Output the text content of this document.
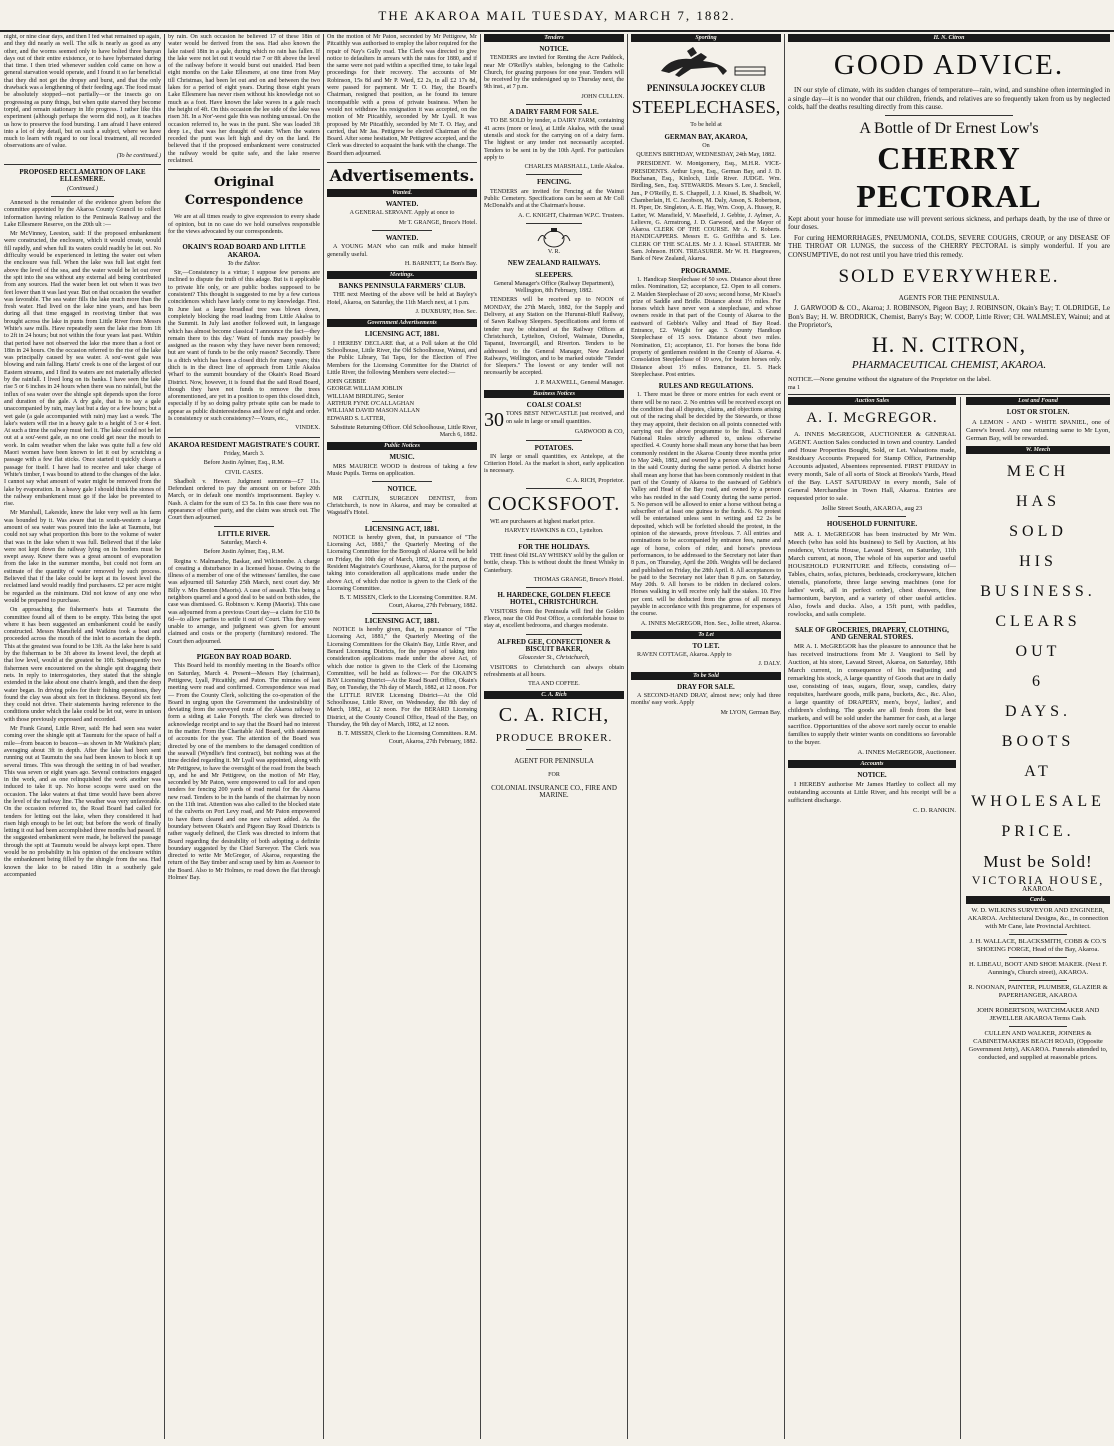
THE AKAROA MAIL TUESDAY, MARCH 7, 1882.

night, or nine clear days, and then I fed what remained up again, and they did nearly as well. The silk is nearly as good as any other, and the worms seemed only to have bolted three banyan days out of their entire existence, or to have hybernated during that time. I then tried whenever sudden cold came on how a general starvation would operate, and I found it so far beneficial that they did not get the dropsy and burst, and that the only drawback was a lengthening of their feeding age. The food must be absolutely stopped—not partially—or the insects go on progressing as puny things, but when quite starved they become torpid, and remain stationary in life progress. I rather like this experiment (although perhaps the worm did not), as it teaches us how to preserve the food bursting. I am afraid I have entered into a lot of dry detail, but on such a subject, where we have much to learn with regard to our local treatment, all recorded observations are of value.

(To be continued.)

PROPOSED RECLAMATION OF LAKE ELLESMERE.

(Continued.)

Annexed is the remainder of the evidence given before the committee appointed by the Akaroa County Council to collect information having relation to the Peninsula Railway and the Lake Ellesmere Reserve, on the 20th ult :—

Mr McVinney, Leeston, said: If the proposed embankment were constructed, the enclosure, which it would create, would fill rapidly, and when full its waters could readily be let out. No difficulty would be experienced in letting the water out when the enclosure was full. When the lake was full last eight feet above the level of the sea, and the water would be let out over the spit into the sea without any external aid being contributed from any sources. Had the water been let out when it was two feet lower than it was last year. But on that occasion the weather was favorable. The sea water fills the lake much more than the fresh water. Had lived on the lake nine years, and has been during all that time engaged in receiving timber that was brought across the lake in punts from Little River from Messrs White's saw mills. Have repeatedly seen the lake rise from 1ft to 2ft in 24 hours; but not within the four years last past. Within that period have not observed the lake rise more than a foot or 18in in 24 hours. On the occasion referred to the rise of the lake was principally caused by sea water. A sou'-west gale was blowing and rain falling. Harts' creek is one of the largest of our Eastern streams, and I find its waters are not materially affected by the rainfall. I lived long on its banks. I have seen the lake rise 5 or 6 inches in 24 hours when there was no rainfall, but the influx of sea water over the shingle spit depends upon the force and duration of the gale. A dry gale, that is to say a gale unaccompanied by rain, may last but a day or a few hours; but a wet gale (a gale accompanied with rain) may last a week. The lake's waters will rise in a heavy gale to a height of 3 or 4 feet. At such a time the railway must feel it. The lake could not be let out at a sou'-west gale, as no one could get near the mouth to work. In calm weather when the lake was quite full a few old Maori women have been known to let it out by scratching a passage with a few flat sticks. Once started it quickly clears a passage for itself. I have had to receive and take charge of White's timber, I was bound to attend to the changes of the lake. I cannot say what amount of water might be removed from the lake by evaporation. In a heavy gale I should think the stones of the railway embankment must go if the lake be prevented to rise.

Mr Marshall, Lakeside, knew the lake very well as his farm was bounded by it. Was aware that in south-western a large amount of sea water was poured into the lake at Taumutu, but could not say what proportion this bore to the volume of water that was in the lake when it was full. Believed that if the lake were not kept down the railway lying on its borders must be swept away. Knew there was a great amount of evaporation from the lake in the summer months, but could not form an estimate of the quantity of water removed by such process. Believed that if the lake could be kept at its lowest level the reclaimed land would readily find purchasers. £2 per acre might be regarded as the minimum. Did not know of any one who would be prepared to purchase.

On approaching the fishermen's huts at Taumutu the committee found all of them to be empty. This being the spot where it has been suggested an embankment could be easily constructed. Messrs Mansfield and Watkins took a boat and proceeded across the mouth of the inlet to ascertain the depth. This at the greatest was found to be 13ft. As the lake here is said by the fisherman to be 3ft above its lowest level, the depth at that low level, would at the greatest be 10ft. Subsequently two fishermen were encountered on the shingle spit dragging their nets. In reply to interrogatories, they stated that the shingle extended in the lake about one chain's length, and then the deep water began. In driving poles for their fishing operations, they found the clay was about six feet in thickness. Beyond six feet they could not drive. Their statements having reference to the conditions under which the lake could be let out, were in unison with those previously expressed and recorded.

Mr Frank Grand, Little River, said: He had seen sea water coming over the shingle spit at Taumutu for the space of half a mile—from beacon to beacon—as shown in Mr Watkins's plan; averaging about 3ft in depth. After the lake had been sent running out at Taumutu the sea had been known to block it up several times. This was through the setting in of bad weather. This was seven or eight years ago. Several contractors engaged in the work, and as one relinquished the work another was induced to take it up. No horse scoops were used on the occasion. The lake waters at that time would have been above the level of the railway line. The weather was very unfavorable. On the occasion referred to, the Road Board had called for tenders for letting out the lake, when they considered it had risen high enough to be let out; but before the work of finally letting it out had been accomplished three months had passed. If the suggested embankment were made, he believed the passage through the spit at Taumutu would be always kept open. There would be no probability in his opinion of the enclosure within the embankment being filled by the shingle from the sea. Had known the lake to be raised 18in in a southerly gale accompanied

by rain. On such occasion he believed 17 of these 18in of water would be derived from the sea. Had also known the lake raised 18in in a gale, during which no rain has fallen. If the lake were not let out it would rise 7 or 8ft above the level of the railway before it would burst out unaided. Had been eight months on the Lake Ellesmere, at one time from May till Christmas, had been let out and on and between the two lakes for a period of eight years. During those eight years Lake Ellesmere has never risen without his knowledge not so much as a foot. Have known the lake waves in a gale reach the height of 4ft. On this occasion the lee side of the lake was risen 3ft. In a Nor'-west gale this was nothing unusual. On the occasion referred to, he was in the punt. She was loaded 3ft deep i.e., that was her draught of water. When the waters receded the punt was left high and dry on the land. He believed that if the proposed embankment were constructed the railway would be quite safe, and the lake reserve reclaimed.

Original Correspondence

We are at all times ready to give expression to every shade of opinion, but in no case do we hold ourselves responsible for the views advocated by our correspondents.

OKAIN'S ROAD BOARD AND LITTLE AKAROA.

To the Editor.

Sir,—Consistency is a virtue; I suppose few persons are inclined to dispute the truth of this adage. But is it applicable to private life only, or are public bodies supposed to be consistent? This thought is suggested to me by a few curious coincidences which have lately come to my knowledge. First. In June last a large broadleaf tree was blown down, completely blocking the road leading from Little Akaloa to the Summit. In July last another followed suit, in language which has almost become classical 'I announce the fact—they remain there to this day.' Want of funds may possibly be assigned as the reason why they have never been removed; but are want of funds to be the only reason? Secondly. There is a ditch which has been a closed ditch for many years; this ditch is in the direct line of approach from Little Akaloa Wharf to the summit boundary of the Okain's Road Board District. Now, however, it is found that the said Road Board, though they have not funds to remove the trees aforementioned, are yet in a position to open this closed ditch, especially if by so doing paltry private spite can be made to appear as public disinterestedness and love of right and order. Is consistency or such consistency?—Yours, etc.,

VINDEX.

AKAROA RESIDENT MAGISTRATE'S COURT.

Friday, March 3.

Before Justin Aylmer, Esq., R.M.

CIVIL CASES.

Shadbolt v. Hewer. Judgment summons—£7 11s. Defendant ordered to pay the amount on or before 20th March, or in default one month's imprisonment. Bayley v. Nash. A claim for the sum of £3 5s. In this case there was no appearance of either party, and the claim was struck out. The Court then adjourned.

LITTLE RIVER.

Saturday, March 4.

Before Justin Aylmer, Esq., R.M.

Regina v. Malmanche, Baskar, and Wilcinombe. A charge of creating a disturbance in a licensed house. Owing to the illness of a member of one of the witnesses' families, the case was adjourned till Saturday 25th March, next court day. Mr Billy v. Mrs Benton (Maoris). A case of assault. This being a neighbors quarrel and a good deal to be said on both sides, the case was dismissed. G. Robinson v. Kemp (Maoris). This case was adjourned from a previous Court day—a claim for £10 8s 6d—to allow parties to settle it out of Court. This they were unable to arrange, and judgment was given for amount claimed and costs or the property (furniture) restored. The Court then adjourned.

PIGEON BAY ROAD BOARD.

This Board held its monthly meeting in the Board's office on Saturday, March 4. Present—Messrs Hay (chairman), Pettigrew, Lyall, Pitcaithly, and Paton. The minutes of last meeting were read and confirmed. Correspondence was read— From the County Clerk, soliciting the co-operation of the Board in urging upon the Government the undesirability of deviating from the surveyed route of the Akaroa railway to form a siding at Lake Forsyth. The clerk was directed to acknowledge receipt and to say that the Board had no interest in the matter. From the Charitable Aid Board, with statement of accounts for the year. The attention of the Board was directed by one of the members to the damaged condition of the seawall (Wyndlie's first contract), but nothing was at the time decided regarding it. Mr Lyall was appointed, along with Mr Pettigrew, to have the oversight of the road from the beach up, and he and Mr Pettigrew, on the motion of Mr Hay, seconded by Mr Paton, were empowered to call for and open tenders for fencing 200 yards of road metal for the Akaroa new road. Tenders to be in the hands of the chairman by noon on the 11th inst. Attention was also called to the blocked state of the culverts on Port Levy road, and Mr Paton empowered to have them cleared and one new culvert added. As the boundary between Okain's and Pigeon Bay Road Districts is rather vaguely defined, the Clerk was directed to inform that Board regarding the desirability of both adopting a definite boundary suggested by the Chief Surveyor. The Clerk was directed to write Mr McGregor, of Akaroa, requesting the return of the Bay timber and scrap used by him as Assessor to the Board. Also to Mr Holmes, re road down the flat through Holmes' Bay.

On the motion of Mr Paton, seconded by Mr Pettigrew, Mr Pitcaithly was authorised to employ the labor required for the repair of Nay's Gully road. The Clerk was directed to give notice to defaulters in arrears with the rates for 1880, and if the same were not paid within a specified time, to take legal proceedings for their recovery. The accounts of Mr Robinson, 15s 8d and Mr P. Ward, £2 2s, in all £2 17s 8d, were passed for payment. Mr T. O. Hay, the Board's Chairman, resigned that position, as he found its tenure incompatible with a press of private business. When he would not withdraw his resignation it was accepted, on the motion of Mr Pitcaithly, seconded by Mr Lyall. It was proposed by Mr Pitcaithly, seconded by Mr T. O. Hay, and carried, that Mr Jas. Pettigrew be elected Chairman of the Board. After some hesitation, Mr Pettigrew accepted, and the Clerk was directed to acquaint the bank with the change. The Board then adjourned.

Advertisements.

Wanted.

WANTED.

A GENERAL SERVANT. Apply at once to

Mr T. GRANGE, Bruce's Hotel.

WANTED.

A YOUNG MAN who can milk and make himself generally useful.

H. BARNETT, Le Bon's Bay.

Meetings.

BANKS PENINSULA FARMERS' CLUB.

THE next Meeting of the above will be held at Bayley's Hotel, Akaroa, on Saturday, the 11th March next, at 1 p.m.

J. DUXBURY, Hon. Sec.

Government Advertisements

LICENSING ACT, 1881.

I HEREBY DECLARE that, at a Poll taken at the Old Schoolhouse, Little River, the Old Schoolhouse, Wainui, and the Public Library, Tai Tapu, for the Election of Five Members for the Licensing Committee for the District of Little River, the following Members were elected:—

JOHN GEBBIE
GEORGE WILLIAM JOBLIN
WILLIAM BIRDLING, Senior
ARTHUR FYNE O'CALLAGHAN
WILLIAM DAVID MASON ALLAN
EDWARD S. LATTER,

Substitute Returning Officer. Old Schoolhouse, Little River, March 6, 1882.

Public Notices

MUSIC.

MRS MAURICE WOOD is desirous of taking a few Music Pupils. Terms on application.

NOTICE.

MR CATTLIN, SURGEON DENTIST, from Christchurch, is now in Akaroa, and may be consulted at Wagstaff's Hotel.

LICENSING ACT, 1881.

NOTICE is hereby given, that, in pursuance of "The Licensing Act, 1881," the Quarterly Meeting of the Licensing Committee for the Borough of Akaroa will be held on Friday, the 10th day of March, 1882, at 12 noon, at the Resident Magistrate's Courthouse, Akaroa, for the purpose of taking into consideration all applications made under the above Act, of which due notice is given to the Clerk of the Licensing Committee.

B. T. MISSEN, Clerk to the Licensing Committee. R.M. Court, Akaroa, 27th February, 1882.

LICENSING ACT, 1881.

NOTICE is hereby given, that, in pursuance of "The Licensing Act, 1881," the Quarterly Meeting of the Licensing Committees for the Okain's Bay, Little River, and Berard Licensing Districts, for the purpose of taking into consideration applications made under the above Act, of which due notice is given to the Clerk of the Licensing Committee, will be held as follows:— For the OKAIN'S BAY Licensing District—At the Road Board Office, Okain's Bay, on Tuesday, the 7th day of March, 1882, at 12 noon. For the LITTLE RIVER Licensing District—At the Old Schoolhouse, Little River, on Wednesday, the 8th day of March, 1882, at 12 noon. For the BERARD Licensing District, at the County Council Office, Head of the Bay, on Thursday, the 9th day of March, 1882, at 12 noon.

B. T. MISSEN, Clerk to the Licensing Committees. R.M. Court, Akaroa, 27th February, 1882.

Tenders

NOTICE.

TENDERS are invited for Renting the Acre Paddock, near Mr O'Reilly's stables, belonging to the Catholic Church, for grazing purposes for one year. Tenders will be received by the undersigned up to Thursday next, the 9th inst., at 7 p.m.

JOHN CULLEN.

A DAIRY FARM FOR SALE.

TO BE SOLD by tender, a DAIRY FARM, containing 41 acres (more or less), at Little Akaloa, with the usual utensils and stock for the carrying on of a dairy farm. The highest or any tender not necessarily accepted. Tenders to be sent in by the 10th April. For particulars apply to

CHARLES MARSHALL, Little Akaloa.

FENCING.

TENDERS are invited for Fencing at the Wainui Public Cemetery. Specifications can be seen at Mr Coll McDonald's and at the Chairman's house.

A. C. KNIGHT, Chairman W.P.C. Trustees.

V. R.

NEW ZEALAND RAILWAYS.

SLEEPERS.

General Manager's Office (Railway Department), Wellington, 8th February, 1882.

TENDERS will be received up to NOON of MONDAY, the 27th March, 1882, for the Supply and Delivery, at any Station on the Hurunui-Bluff Railway, of Sawn Railway Sleepers. Specifications and forms of tender may be obtained at the Railway Offices at Christchurch, Lyttelton, Oxford, Waimate, Dunedin, Tapanui, Invercargill, and Riverton. Tenders to be addressed to the General Manager, New Zealand Railways, Wellington, and to be marked outside "Tender for Sleepers." The lowest or any tender will not necessarily be accepted.

J. P. MAXWELL, General Manager.

Business Notices

COALS! COALS!

30 TONS BEST NEWCASTLE just received, and on sale in large or small quantities.

GARWOOD & CO,

POTATOES.

IN large or small quantities, ex Antelope, at the Criterion Hotel. As the market is short, early application is necessary.

C. A. RICH, Proprietor.

COCKSFOOT.

WE are purchasers at highest market price.

HARVEY HAWKINS & CO., Lyttelton.

FOR THE HOLIDAYS.

THE finest Old ISLAY WHISKY sold by the gallon or bottle, cheap. This is without doubt the finest Whisky in Canterbury.

THOMAS GRANGE, Bruce's Hotel.

H. HARDECKE, GOLDEN FLEECE HOTEL, CHRISTCHURCH.

VISITORS from the Peninsula will find the Golden Fleece, near the Old Post Office, a comfortable house to stay at, excellent bedrooms, and charges moderate.

ALFRED GEE, CONFECTIONER & BISCUIT BAKER,

Gloucester St., Christchurch,

VISITORS to Christchurch can always obtain refreshments at all hours.

TEA AND COFFEE.

C. A. Rich

C. A. RICH,

PRODUCE BROKER.

AGENT FOR PENINSULA

FOR

COLONIAL INSURANCE CO., FIRE AND MARINE.

Sporting

PENINSULA JOCKEY CLUB

STEEPLECHASES,

To be held at

GERMAN BAY, AKAROA,

On

QUEEN'S BIRTHDAY, WEDNESDAY, 24th May, 1882.

PRESIDENT. W. Montgomery, Esq., M.H.R. VICE-PRESIDENTS. Arthur Lyon, Esq., German Bay, and J. D. Buchanan, Esq., Kinloch, Little River. JUDGE. Wm. Birdling, Sen., Esq. STEWARDS. Messrs S. Lee, J. Smckell, Jun., P O'Reilly, E. S. Chappell, J. J. Kissel, B. Shadbolt, W. Chamberlain, H. C. Jacobson, M. Daly, Anson, S. Robertson, H. Piper, Dr. Singleton, A. E. Hay, Wm. Coop, A. Hussey, R. Latter, W. Mansfield, V. Masefield, J. Gebbie, J. Aylmer, A. Lelievre, G. Armstrong, J. D. Garwood, and the Mayor of Akaroa. CLERK OF THE COURSE. Mr A. F. Roberts. HANDICAPPERS. Messrs E. G. Griffiths and S. Lee. CLERK OF THE SCALES. Mr J. J. Kissel. STARTER. Mr Sam. Johnson. HON. TREASURER. Mr W. H. Hargreaves, Bank of New Zealand, Akaroa.

PROGRAMME.

1. Handicap Steeplechase of 50 sovs. Distance about three miles. Nomination, £2; acceptance, £2. Open to all comers. 2. Maiden Steeplechase of 20 sovs; second horse, Mr Kissel's prize of Saddle and Bridle. Distance about 1½ miles. For horses which have never won a steeplechase, and whose owners reside in that part of the County of Akaroa to the eastward of Gebbie's Valley and Head of Bay Road. Entrance, £2. Weight for age. 3. County Handicap Steeplechase of 15 sovs. Distance about two miles. Nomination, £1; acceptance, £1. For horses the bona fide property of gentlemen resident in the County of Akaroa. 4. Consolation Steeplechase of 10 sovs, for beaten horses only. Distance about 1½ miles. Entrance, £1. 5. Hack Steeplechase. Post entries.

RULES AND REGULATIONS.

1. There must be three or more entries for each event or there will be no race. 2. No entries will be received except on the condition that all disputes, claims, and objections arising out of the racing shall be decided by the Stewards, or those they may appoint, their decision on all points connected with carrying out the above programme to be final. 3. Grand National Rules strictly adhered to, unless otherwise specified. 4. County horse shall mean any horse that has been commonly resident in the Akaroa County three months prior to May 24th, 1882, and owned by a person who has resided in the said County during the same period. A district horse shall mean any horse that has been commonly resident in that part of the County of Akaroa to the eastward of Gebbie's Valley and Head of the Bay road, and owned by a person who has resided in the said County during the same period. 5. No person will be allowed to enter a horse without being a subscriber of at least one guinea to the funds. 6. No protest will be entertained unless sent in writing and £2 2s be deposited, which will be forfeited should the protest, in the opinion of the stewards, prove frivolous. 7. All entries and nominations to be accompanied by entrance fees, name and age of horse, colors of rider, and horse's previous performances, to be addressed to the Secretary not later than 8 p.m., on Thursday, April the 20th. Weights will be declared and published on Friday, the 28th April. 8. All acceptances to be paid to the Secretary not later than 8 p.m. on Saturday, May 20th. 9. All horses to be ridden in declared colors. Horses walking in will receive only half the stakes. 10. Five per cent. will be deducted from the gross of all moneys payable in accordance with this programme, for expenses of the course.

A. INNES McGREGOR, Hon. Sec., Jollie street, Akaroa.

To Let

TO LET.

RAVEN COTTAGE, Akaroa. Apply to

J. DALY.

To be Sold

DRAY FOR SALE.

A SECOND-HAND DRAY, almost new; only had three months' easy work. Apply

Mr LYON, German Bay.

H. N. Citron
GOOD ADVICE.

IN our style of climate, with its sudden changes of temperature—rain, wind, and sunshine often intermingled in a single day—it is no wonder that our children, friends, and relatives are so frequently taken from us by neglected colds, half the deaths resulting directly from this cause.

A Bottle of Dr Ernest Low's
CHERRY PECTORAL

Kept about your house for immediate use will prevent serious sickness, and perhaps death, by the use of three or four doses.

For curing HEMORRHAGES, PNEUMONIA, COLDS, SEVERE COUGHS, CROUP, or any DISEASE OF THE THROAT OR LUNGS, the success of the CHERRY PECTORAL is simply wonderful. If you are CONSUMPTIVE, do not rest until you have tried this remedy.

SOLD EVERYWHERE.

AGENTS FOR THE PENINSULA.

J. GARWOOD & CO., Akaroa; J. ROBINSON, Pigeon Bay; J. ROBINSON, Okain's Bay; T. OLDRIDGE, Le Bon's Bay; H. W. BRODRICK, Chemist, Barry's Bay; W. COOP, Little River; CH. WALMSLEY, Wainui; and at the Proprietor's,

H. N. CITRON,
PHARMACEUTICAL CHEMIST, AKAROA.

NOTICE.—None genuine without the signature of the Proprietor on the label.

ma 1

Auction Sales

A. I. McGREGOR.

A. INNES McGREGOR, AUCTIONEER & GENERAL AGENT. Auction Sales conducted in town and country. Landed and House Properties Bought, Sold, or Let. Valuations made, Residuary Accounts Prepared for Stamp Office, Partnership Accounts adjusted, Absentees represented. FIRST FRIDAY in every month, Sale of all sorts of Stock at Brooks's Yards, Head of the Bay. LAST SATURDAY in every month, Sale of General Merchandise in Town Hall, Akaroa. Entries are requested prior to sale.

Jollie Street South, AKAROA, aug 23

HOUSEHOLD FURNITURE.

MR A. I. McGREGOR has been instructed by Mr Wm. Meech (who has sold his business) to Sell by Auction, at his residence, Victoria House, Lavaud Street, on Saturday, 11th March current, at noon, The whole of his superior and useful HOUSEHOLD FURNITURE and Effects, consisting of— Tables, chairs, sofas, pictures, bedsteads, crockeryware, kitchen utensils, pianoforte, three large sewing machines (one for ladies' work, all in perfect order), chest drawers, fine harmonium, baryton, and a variety of other useful articles. Also, fowls and ducks. Also, a 15ft punt, with paddles, rowlocks, and sails complete.

SALE OF GROCERIES, DRAPERY, CLOTHING, AND GENERAL STORES.

MR A. I. McGREGOR has the pleasure to announce that he has received instructions from Mr J. Vaugioni to Sell by Auction, at his store, Lavaud Street, Akaroa, on Saturday, 18th March current, in consequence of his readjusting and remarking his stock, A large quantity of Goods that are in daily use, consisting of teas, sugars, flour, soap, candles, dairy requisites, hardware goods, milk pans, buckets, &c., &c. Also, a large quantity of DRAPERY, men's, boys', ladies', and children's clothing. The goods are all fresh from the best markets, and will be sold under the hammer for cash, at a large sacrifice. Opportunities of the above sort rarely occur to enable families to supply their winter wants on conditions so favorable to the buyer.

A. INNES McGREGOR, Auctioneer.

Accounts

NOTICE.

I HEREBY authorise Mr James Hartley to collect all my outstanding accounts at Little River, and his receipt will be a sufficient discharge.

C. D. RANKIN.

Lost and Found

LOST OR STOLEN.

A LEMON - AND - WHITE SPANIEL, one of Carew's breed. Any one returning same to Mr Lyon, German Bay, will be rewarded.

W. Meech
MECH
HAS
SOLD
HIS
BUSINESS.
CLEARS
OUT
6
DAYS.
BOOTS
AT
WHOLESALE
PRICE.

Must be Sold!

VICTORIA HOUSE,

AKAROA.

Cards.

W. D. WILKINS SURVEYOR AND ENGINEER, AKAROA. Architectural Designs, &c., in connection with Mr Cane, late Provincial Architect.

J. H. WALLACE, BLACKSMITH, COBB & CO.'S SHOEING FORGE, Head of the Bay, Akaroa.

H. LIBEAU, BOOT AND SHOE MAKER. (Next F. Aunning's, Church street), AKAROA.

R. NOONAN, PAINTER, PLUMBER, GLAZIER & PAPERHANGER, AKAROA

JOHN ROBERTSON, WATCHMAKER AND JEWELLER AKAROA Terms Cash.

CULLEN AND WALKER, JOINERS & CABINETMAKERS BEACH ROAD, (Opposite Government Jetty), AKAROA. Funerals attended to, conducted, and supplied at reasonable prices.
